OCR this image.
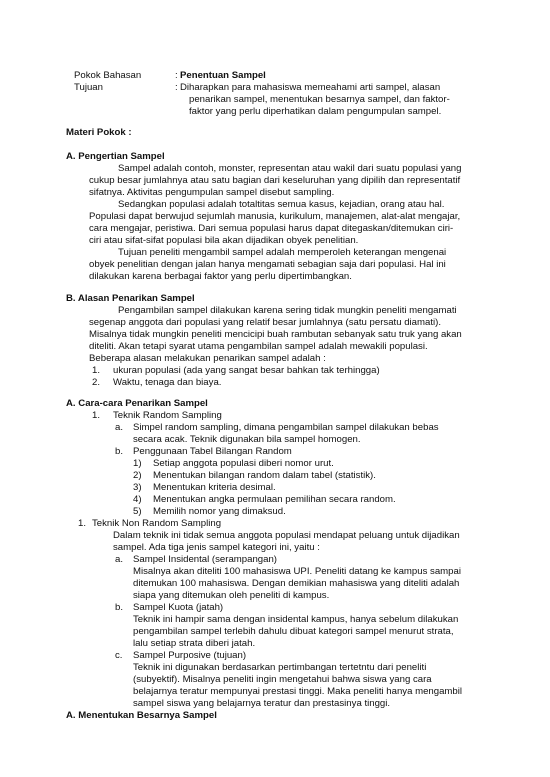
Pokok Bahasan	: Penentuan Sampel
Tujuan	: Diharapkan para mahasiswa memeahami arti sampel, alasan
penarikan sampel, menentukan besarnya sampel, dan faktor-
faktor yang perlu diperhatikan dalam pengumpulan sampel.
Materi Pokok :
A. Pengertian Sampel
Sampel adalah contoh, monster, representan atau wakil dari suatu populasi yang
cukup besar jumlahnya atau satu bagian dari keseluruhan yang dipilih dan representatif
sifatnya. Aktivitas pengumpulan sampel disebut sampling.
Sedangkan populasi adalah totaltitas semua kasus, kejadian, orang atau hal.
Populasi dapat berwujud sejumlah manusia, kurikulum, manajemen, alat-alat mengajar,
cara mengajar, peristiwa. Dari semua populasi harus dapat ditegaskan/ditemukan ciri-
ciri atau sifat-sifat populasi bila akan dijadikan obyek penelitian.
Tujuan peneliti mengambil sampel adalah memperoleh keterangan mengenai
obyek penelitian dengan jalan hanya mengamati sebagian saja dari populasi. Hal ini
dilakukan karena berbagai faktor yang perlu dipertimbangkan.
B. Alasan Penarikan Sampel
Pengambilan sampel dilakukan karena sering tidak mungkin peneliti mengamati
segenap anggota dari populasi yang relatif besar jumlahnya (satu persatu diamati).
Misalnya tidak mungkin peneliti mencicipi buah rambutan sebanyak satu truk yang akan
diteliti. Akan tetapi syarat utama pengambilan sampel adalah mewakili populasi.
Beberapa alasan melakukan penarikan sampel adalah :
1. ukuran populasi (ada yang sangat besar bahkan tak terhingga)
2. Waktu, tenaga dan biaya.
A. Cara-cara Penarikan Sampel
1. Teknik Random Sampling
a. Simpel random sampling, dimana pengambilan sampel dilakukan bebas
secara acak. Teknik digunakan bila sampel homogen.
b. Penggunaan Tabel Bilangan Random
1) Setiap anggota populasi diberi nomor urut.
2) Menentukan bilangan random dalam tabel (statistik).
3) Menentukan kriteria desimal.
4) Menentukan angka permulaan pemilihan secara random.
5) Memilih nomor yang dimaksud.
1. Teknik Non Random Sampling
Dalam teknik ini tidak semua anggota populasi mendapat peluang untuk dijadikan
sampel. Ada tiga jenis sampel kategori ini, yaitu :
a. Sampel Insidental (serampangan)
Misalnya akan diteliti 100 mahasiswa UPI. Peneliti datang ke kampus sampai
ditemukan 100 mahasiswa. Dengan demikian mahasiswa yang diteliti adalah
siapa yang ditemukan oleh peneliti di kampus.
b. Sampel Kuota (jatah)
Teknik ini hampir sama dengan insidental kampus, hanya sebelum dilakukan
pengambilan sampel terlebih dahulu dibuat kategori sampel menurut strata,
lalu setiap strata diberi jatah.
c. Sampel Purposive (tujuan)
Teknik ini digunakan berdasarkan pertimbangan tertetntu dari peneliti
(subyektif). Misalnya peneliti ingin mengetahui bahwa siswa yang cara
belajarnya teratur mempunyai prestasi tinggi. Maka peneliti hanya mengambil
sampel siswa yang belajarnya teratur dan prestasinya tinggi.
A. Menentukan Besarnya Sampel
